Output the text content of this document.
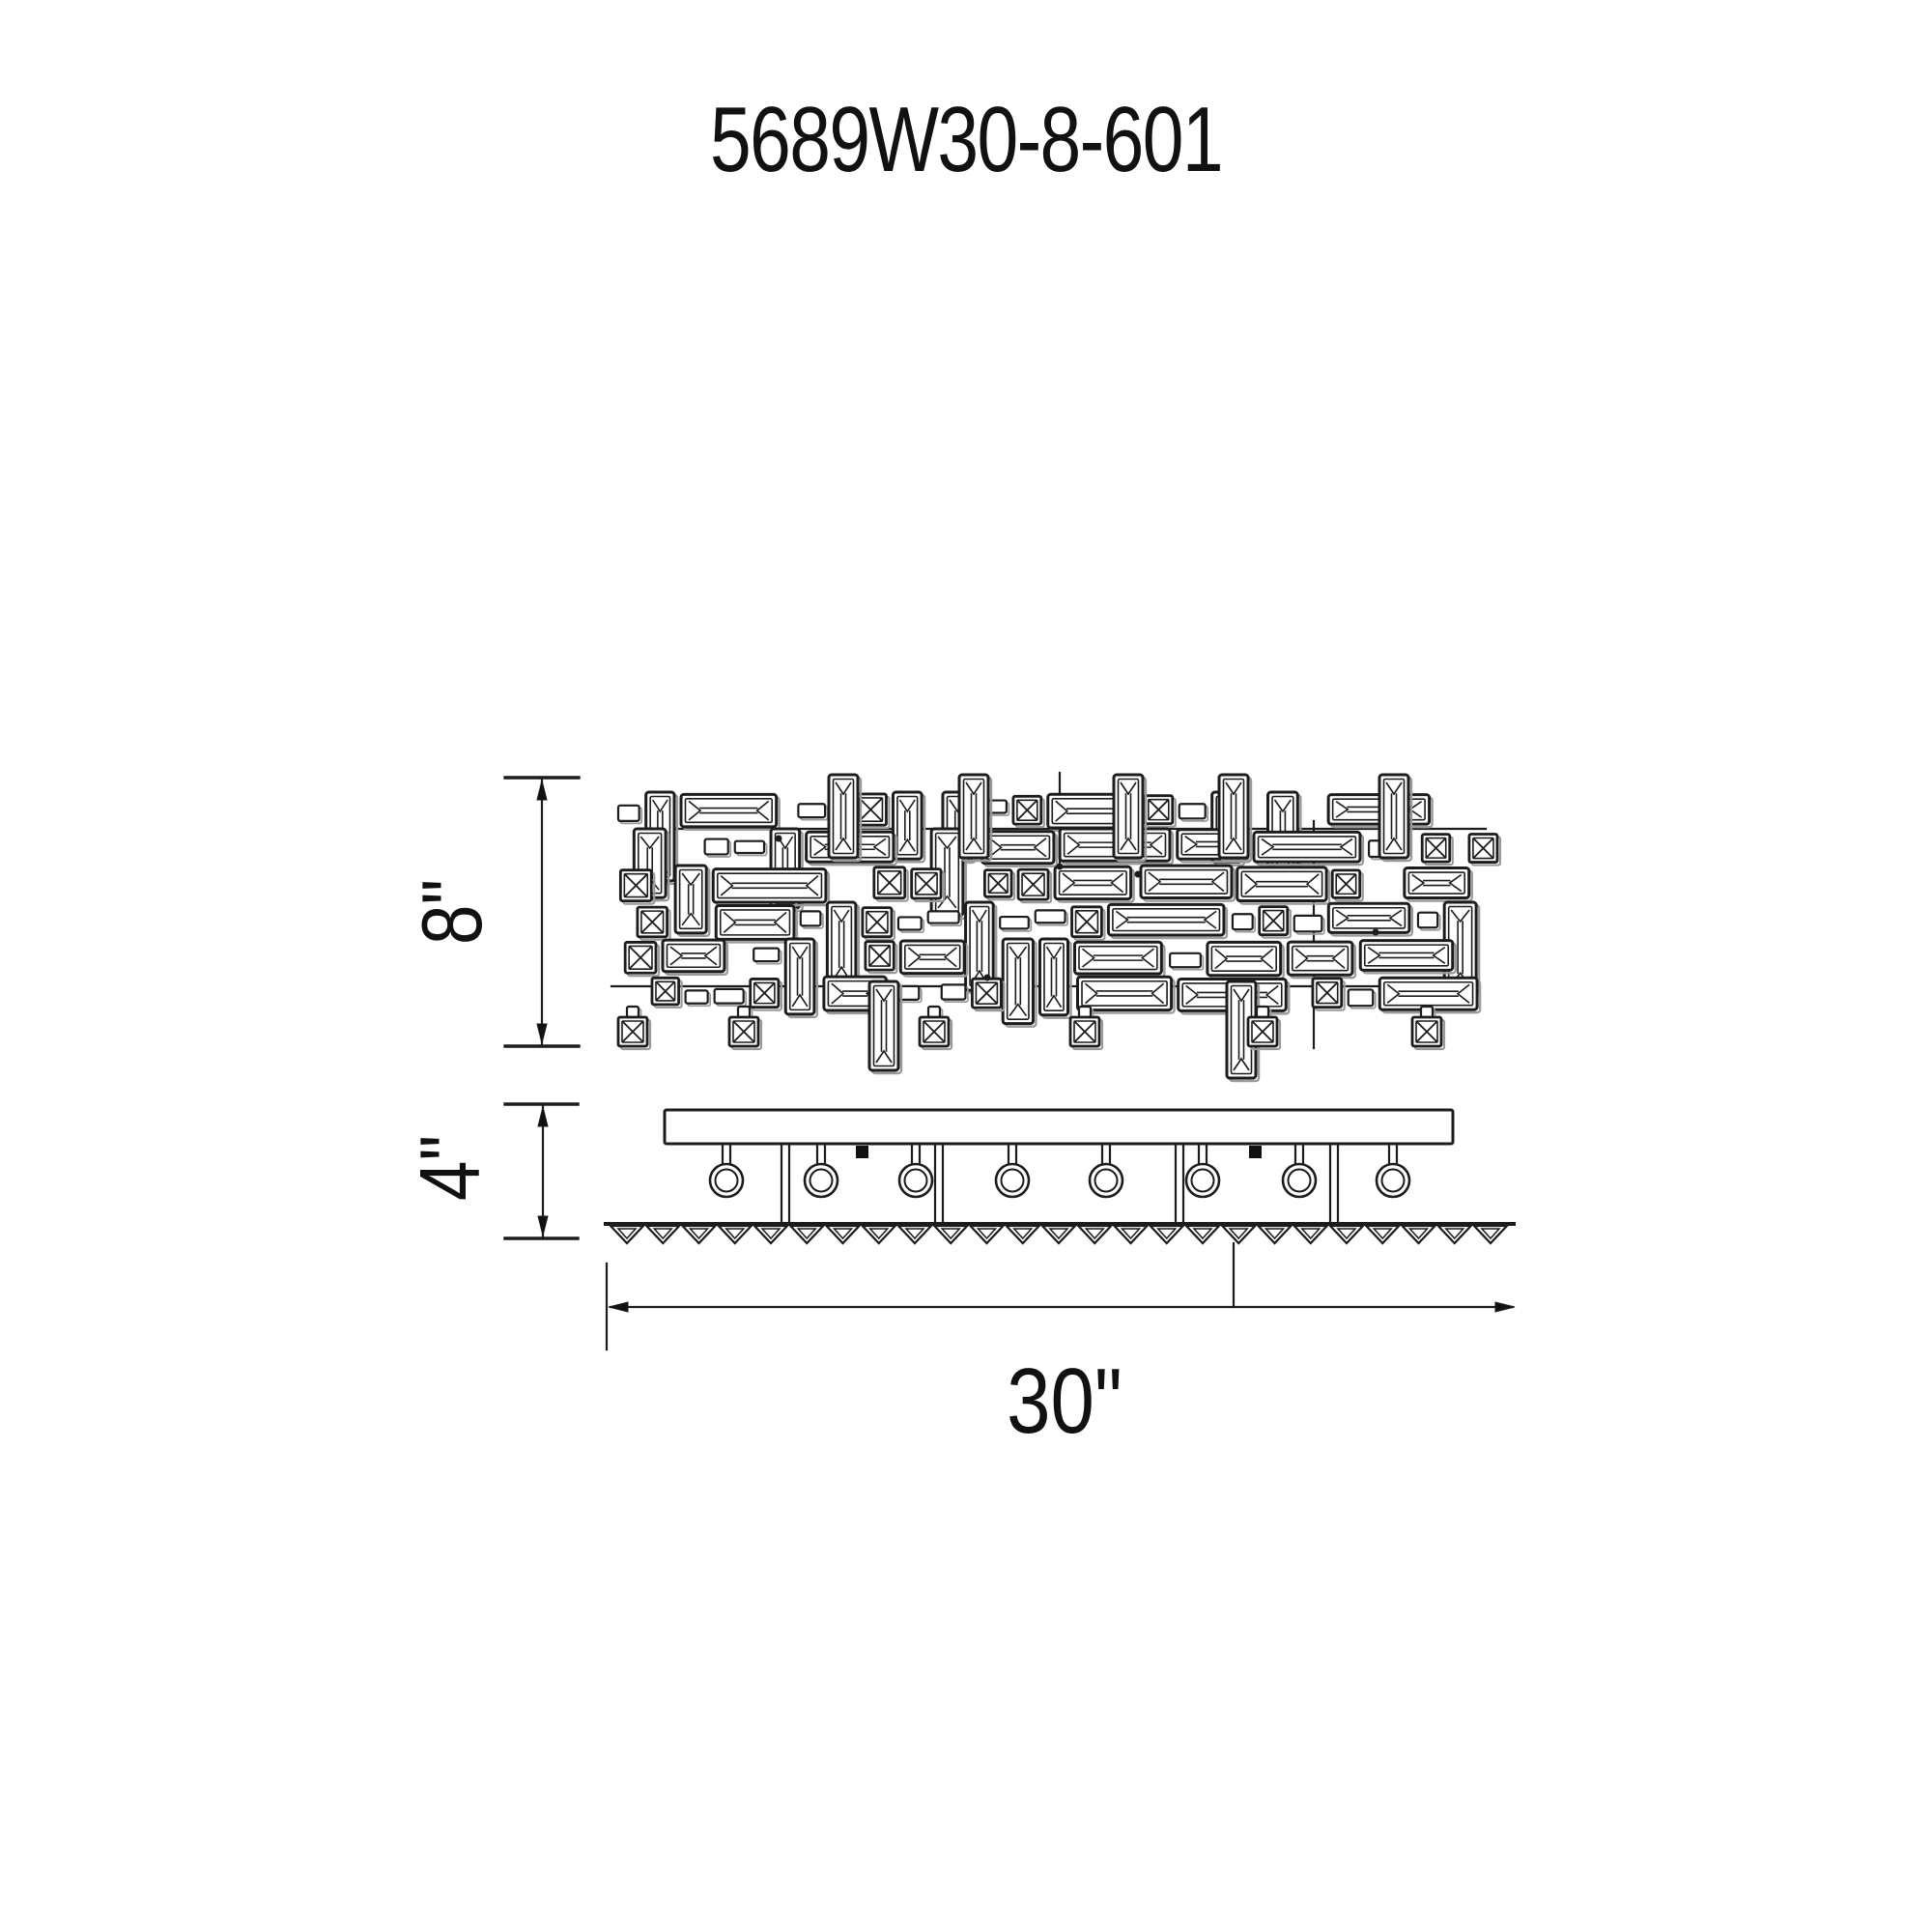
5689W30-8-601
8"
4"
30"
